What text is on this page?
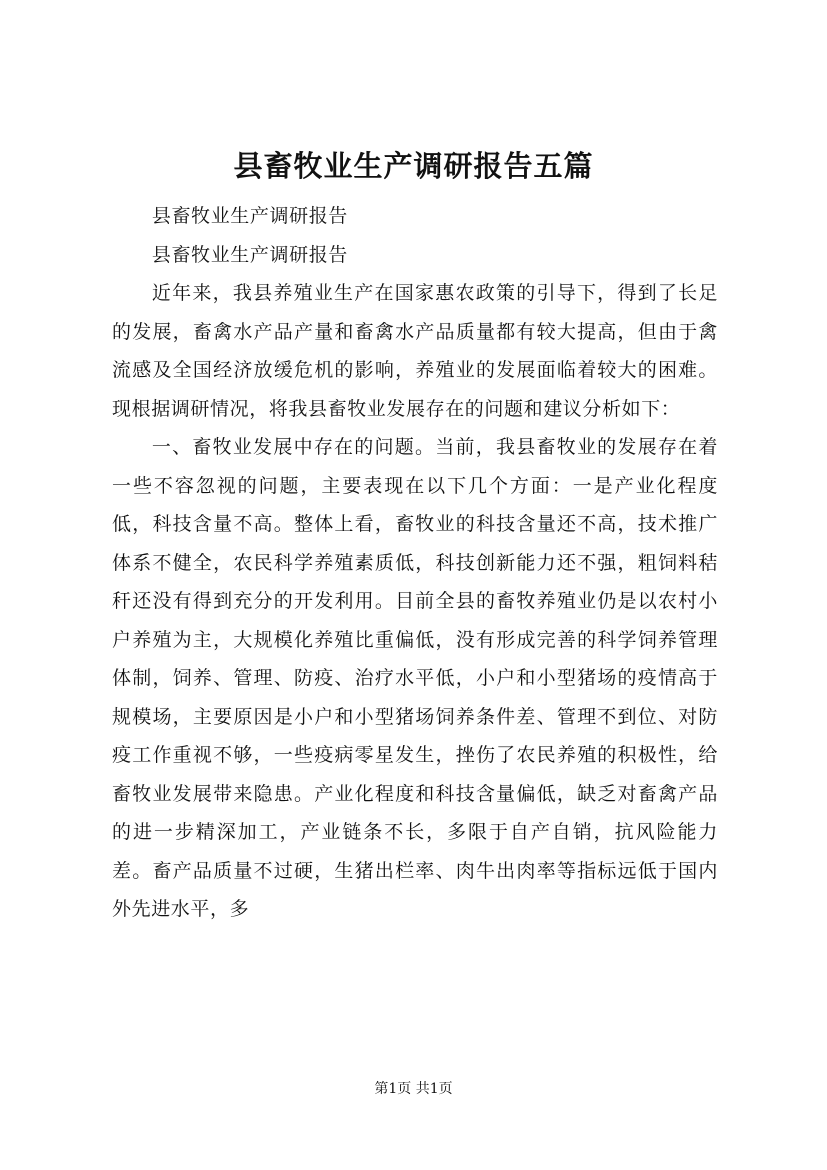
县畜牧业生产调研报告五篇

县畜牧业生产调研报告

县畜牧业生产调研报告

近年来，我县养殖业生产在国家惠农政策的引导下，得到了长足的发展，畜禽水产品产量和畜禽水产品质量都有较大提高，但由于禽流感及全国经济放缓危机的影响，养殖业的发展面临着较大的困难。现根据调研情况，将我县畜牧业发展存在的问题和建议分析如下：

一、畜牧业发展中存在的问题。当前，我县畜牧业的发展存在着一些不容忽视的问题，主要表现在以下几个方面：一是产业化程度低，科技含量不高。整体上看，畜牧业的科技含量还不高，技术推广体系不健全，农民科学养殖素质低，科技创新能力还不强，粗饲料秸秆还没有得到充分的开发利用。目前全县的畜牧养殖业仍是以农村小户养殖为主，大规模化养殖比重偏低，没有形成完善的科学饲养管理体制，饲养、管理、防疫、治疗水平低，小户和小型猪场的疫情高于规模场，主要原因是小户和小型猪场饲养条件差、管理不到位、对防疫工作重视不够，一些疫病零星发生，挫伤了农民养殖的积极性，给畜牧业发展带来隐患。产业化程度和科技含量偏低，缺乏对畜禽产品的进一步精深加工，产业链条不长，多限于自产自销，抗风险能力差。畜产品质量不过硬，生猪出栏率、肉牛出肉率等指标远低于国内外先进水平，多

第1页 共1页
